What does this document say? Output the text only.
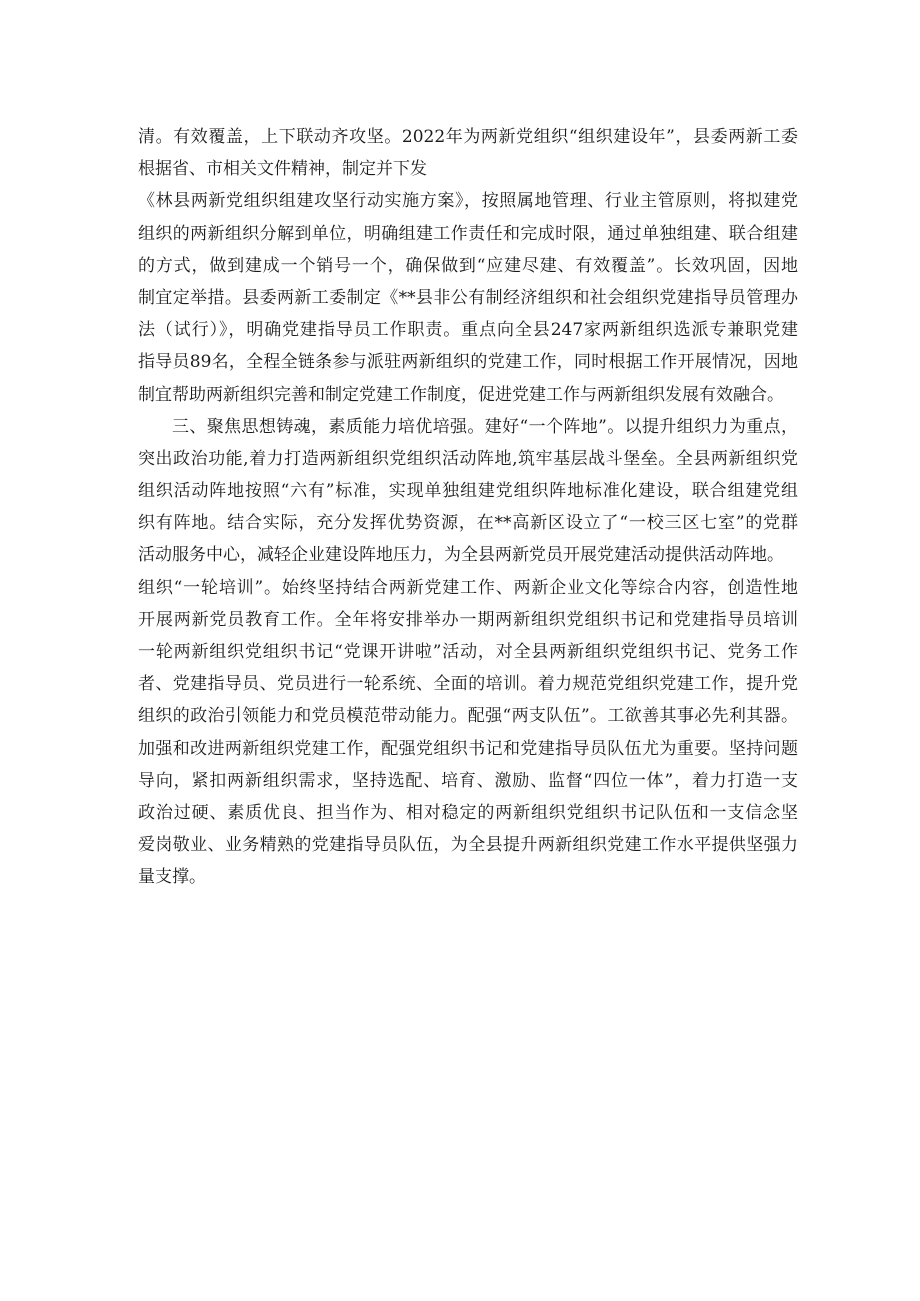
清。有效覆盖，上下联动齐攻坚。2022年为两新党组织“组织建设年”，县委两新工委
根据省、市相关文件精神，制定并下发
《林县两新党组织组建攻坚行动实施方案》，按照属地管理、行业主管原则，将拟建党
组织的两新组织分解到单位，明确组建工作责任和完成时限，通过单独组建、联合组建
的方式，做到建成一个销号一个，确保做到“应建尽建、有效覆盖”。长效巩固，因地
制宜定举措。县委两新工委制定《**县非公有制经济组织和社会组织党建指导员管理办
法（试行）》，明确党建指导员工作职责。重点向全县247家两新组织选派专兼职党建
指导员89名，全程全链条参与派驻两新组织的党建工作，同时根据工作开展情况，因地
制宜帮助两新组织完善和制定党建工作制度，促进党建工作与两新组织发展有效融合。
三、聚焦思想铸魂，素质能力培优培强。建好“一个阵地”。以提升组织力为重点，
突出政治功能,着力打造两新组织党组织活动阵地,筑牢基层战斗堡垒。全县两新组织党
组织活动阵地按照“六有”标准，实现单独组建党组织阵地标准化建设，联合组建党组
织有阵地。结合实际，充分发挥优势资源，在**高新区设立了“一校三区七室”的党群
活动服务中心，减轻企业建设阵地压力，为全县两新党员开展党建活动提供活动阵地。
组织“一轮培训”。始终坚持结合两新党建工作、两新企业文化等综合内容，创造性地
开展两新党员教育工作。全年将安排举办一期两新组织党组织书记和党建指导员培训
一轮两新组织党组织书记“党课开讲啦”活动，对全县两新组织党组织书记、党务工作
者、党建指导员、党员进行一轮系统、全面的培训。着力规范党组织党建工作，提升党
组织的政治引领能力和党员模范带动能力。配强“两支队伍”。工欲善其事必先利其器。
加强和改进两新组织党建工作，配强党组织书记和党建指导员队伍尤为重要。坚持问题
导向，紧扣两新组织需求，坚持选配、培育、激励、监督“四位一体”，着力打造一支
政治过硬、素质优良、担当作为、相对稳定的两新组织党组织书记队伍和一支信念坚
爱岗敬业、业务精熟的党建指导员队伍，为全县提升两新组织党建工作水平提供坚强力
量支撑。
